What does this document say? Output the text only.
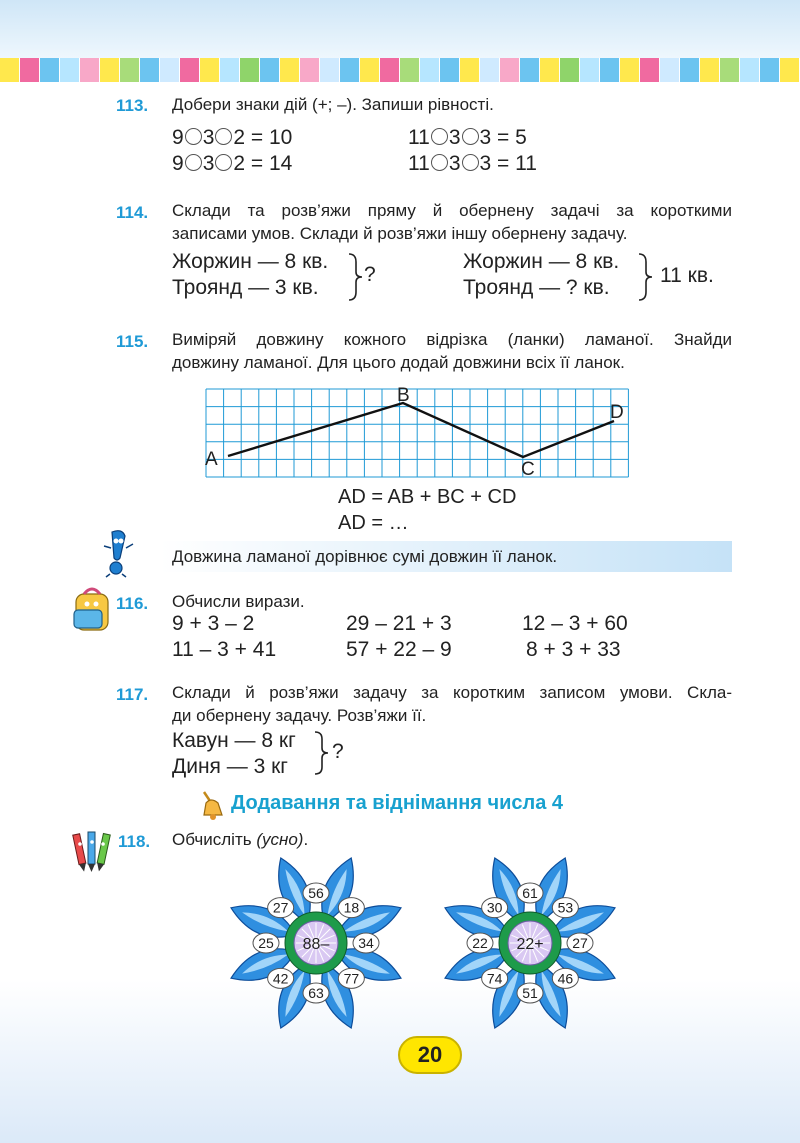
113. Добери знаки дій (+; –). Запиши рівності.
9 3 2 = 10	11 3 3 = 5
9 3 2 = 14	11 3 3 = 11
114. Склади та розв’яжи пряму й обернену задачі за короткими
записами умов. Склади й розв’яжи іншу обернену задачу.
Жоржин — 8 кв.
Троянд — 3 кв.
?
Жоржин — 8 кв.
Троянд — ? кв.
11 кв.
115. Виміряй довжину кожного відрізка (ланки) ламаної. Знайди
довжину ламаної. Для цього додай довжини всіх її ланок.
A
B
C
D
AD = AB + BC + CD
AD = …
Довжина ламаної дорівнює сумі довжин її ланок.
116. Обчисли вирази.
9 + 3 – 2	29 – 21 + 3	12 – 3 + 60
11 – 3 + 41	57 + 22 – 9	8 + 3 + 33
117. Склади й розв’яжи задачу за коротким записом умови. Скла-
ди обернену задачу. Розв’яжи її.
Кавун — 8 кг
Диня — 3 кг
?
Додавання та віднімання числа 4
118. Обчисліть (усно).
88–
56
18
34
77
63
42
25
27
22+
61
53
27
46
51
74
22
30
20
